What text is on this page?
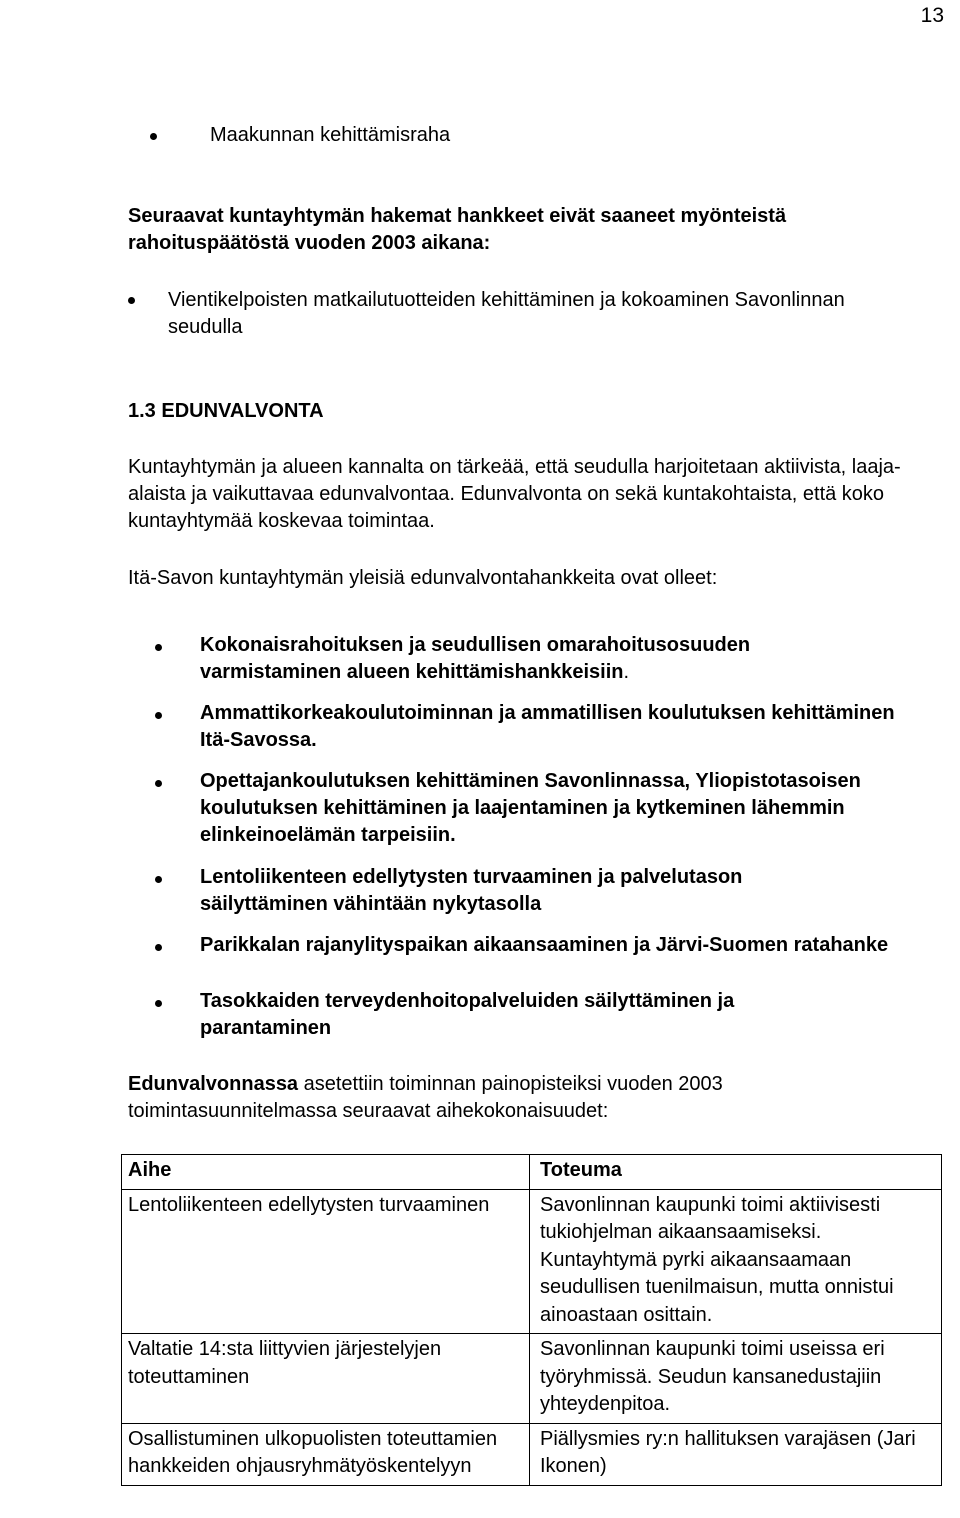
13
Maakunnan kehittämisraha
Seuraavat kuntayhtymän hakemat hankkeet eivät saaneet myönteistä rahoituspäätöstä vuoden 2003 aikana:
Vientikelpoisten matkailutuotteiden kehittäminen ja kokoaminen Savonlinnan seudulla
1.3 EDUNVALVONTA
Kuntayhtymän ja alueen kannalta on tärkeää, että seudulla harjoitetaan aktiivista, laaja-alaista ja vaikuttavaa edunvalvontaa. Edunvalvonta on sekä kuntakohtaista, että koko kuntayhtymää koskevaa toimintaa.
Itä-Savon kuntayhtymän yleisiä edunvalvontahankkeita ovat olleet:
Kokonaisrahoituksen ja seudullisen omarahoitusosuuden varmistaminen alueen kehittämishankkeisiin.
Ammattikorkeakoulutoiminnan ja ammatillisen koulutuksen kehittäminen Itä-Savossa.
Opettajankoulutuksen kehittäminen Savonlinnassa, Yliopistotasoisen koulutuksen kehittäminen ja laajentaminen ja kytkeminen lähemmin elinkeinoelämän tarpeisiin.
Lentoliikenteen edellytysten turvaaminen ja palvelutason säilyttäminen vähintään nykytasolla
Parikkalan rajanylityspaikan aikaansaaminen ja Järvi-Suomen ratahanke
Tasokkaiden terveydenhoitopalveluiden säilyttäminen ja parantaminen
Edunvalvonnassa asetettiin toiminnan painopisteiksi vuoden 2003 toimintasuunnitelmassa seuraavat aihekokonaisuudet:
Aihe	Toteuma
Lentoliikenteen edellytysten turvaaminen	Savonlinnan kaupunki toimi aktiivisesti tukiohjelman aikaansaamiseksi. Kuntayhtymä pyrki aikaansaamaan seudullisen tuenilmaisun, mutta onnistui ainoastaan osittain.
Valtatie 14:sta liittyvien järjestelyjen toteuttaminen	Savonlinnan kaupunki toimi useissa eri työryhmissä. Seudun kansanedustajiin yhteydenpitoa.
Osallistuminen ulkopuolisten toteuttamien hankkeiden ohjausryhmätyöskentelyyn	Piällysmies ry:n hallituksen varajäsen (Jari Ikonen)
